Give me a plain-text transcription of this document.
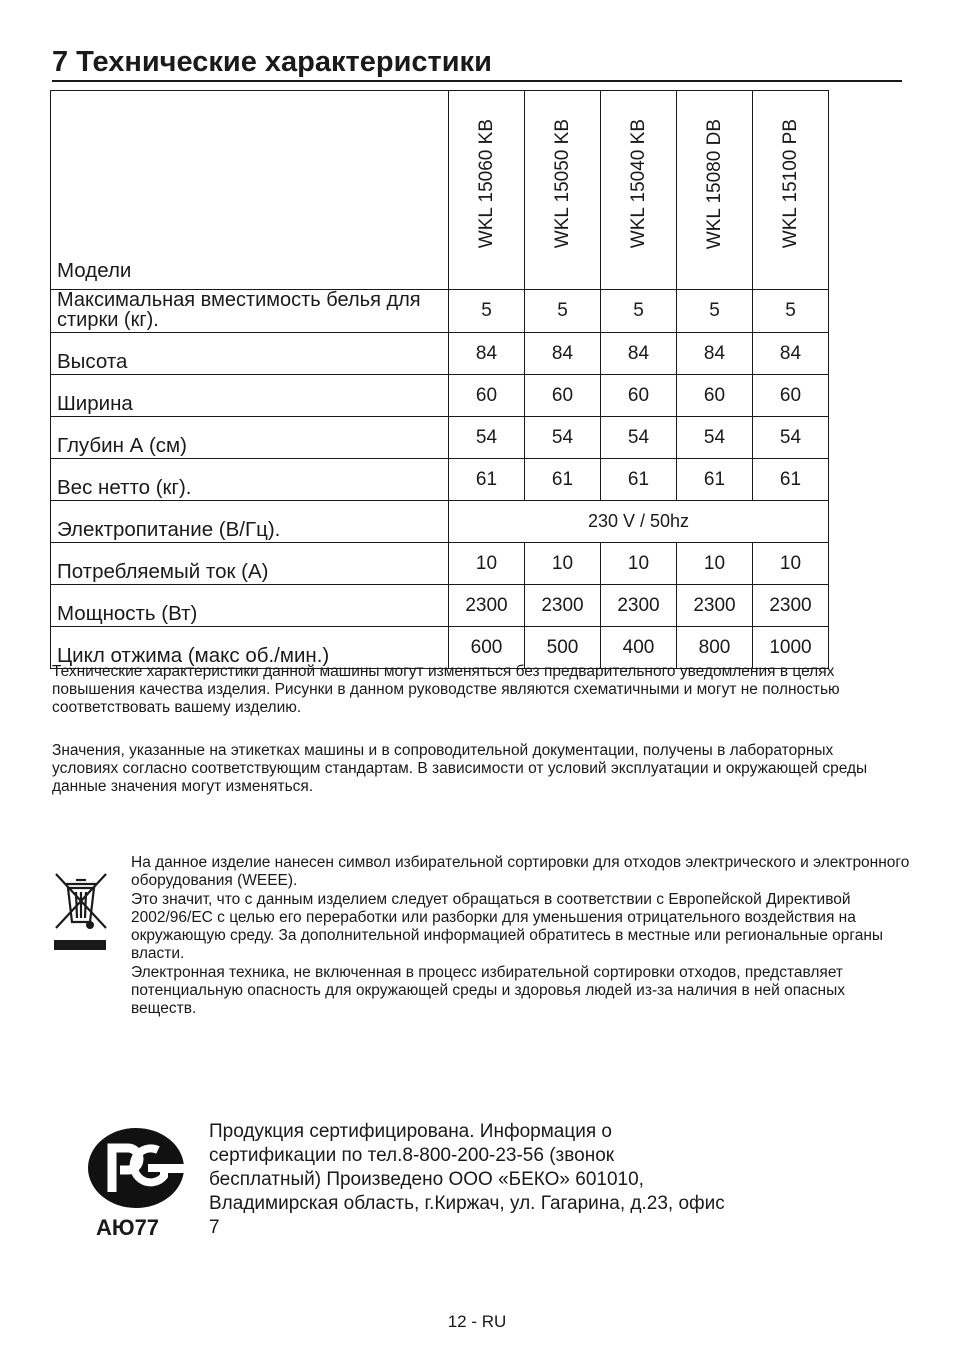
7 Технические характеристики
Модели	WKL 15060 KB	WKL 15050 KB	WKL 15040 KB	WKL 15080 DB	WKL 15100 PB

Максимальная вместимость белья для стирки (кг).	5	5	5	5	5
Высота	84	84	84	84	84
Ширина	60	60	60	60	60
Глубин А (см)	54	54	54	54	54
Вес нетто (кг).	61	61	61	61	61
Электропитание (В/Гц).	230 V / 50hz				
Потребляемый ток (А)	10	10	10	10	10
Мощность (Вт)	2300	2300	2300	2300	2300
Цикл отжима (макс об./мин.)	600	500	400	800	1000

Технические характеристики данной машины могут изменяться без предварительного уведомления в целях повышения качества изделия. Рисунки в данном руководстве являются схематичными и могут не полностью соответствовать вашему изделию.

Значения, указанные на этикетках машины и в сопроводительной документации, получены в лабораторных условиях согласно соответствующим стандартам. В зависимости от условий эксплуатации и окружающей среды данные значения могут изменяться.

На данное изделие нанесен символ избирательной сортировки для отходов электрического и электронного оборудования (WEEE).

Это значит, что с данным изделием следует обращаться в соответствии с Европейской Директивой 2002/96/ЕС с целью его переработки или разборки для уменьшения отрицательного воздействия на окружающую среду. За дополнительной информацией обратитесь в местные или региональные органы власти.

Электронная техника, не включенная в процесс избирательной сортировки отходов, представляет потенциальную опасность для окружающей среды и здоровья людей из-за наличия в ней опасных веществ.

АЮ77

Продукция сертифицирована. Информация о сертификации по тел.8-800-200-23-56 (звонок бесплатный) Произведено ООО «БЕКО» 601010, Владимирская область, г.Киржач, ул. Гагарина, д.23, офис 7

12 - RU
